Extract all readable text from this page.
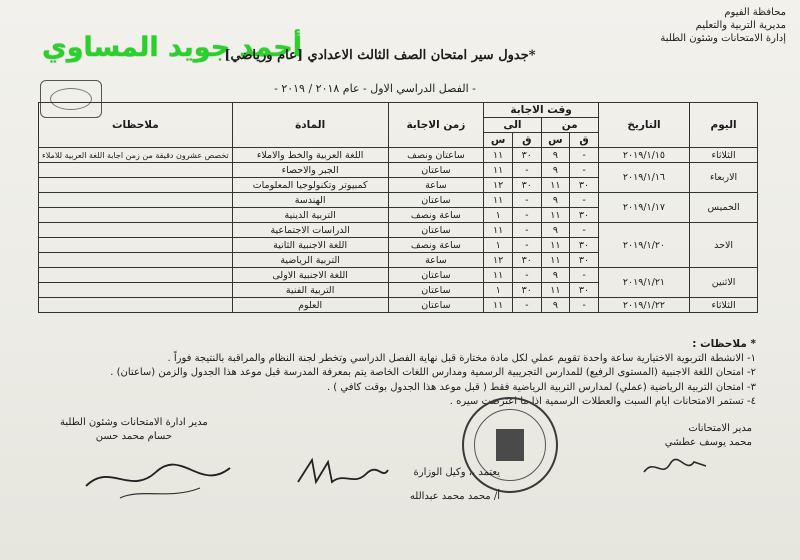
محافظة الفيوم
مديرية التربية والتعليم
إدارة الامتحانات وشئون الطلبة
أحمد جويد المساوي
*جدول سير امتحان الصف الثالث الاعدادي [عام ورياضي]
- الفصل الدراسي الاول - عام ٢٠١٨ / ٢٠١٩ -
اليوم	التاريخ	وقت الاجابة				زمن الاجابة	المادة	ملاحظات
		من		الى				
		ق	س	ق	س			
الثلاثاء	٢٠١٩/١/١٥	-	٩	٣٠	١١	ساعتان ونصف	اللغة العربية والخط والاملاء	تخصص عشرون دقيقة من زمن اجابة اللغة العربية للاملاء
الاربعاء	٢٠١٩/١/١٦	-	٩	-	١١	ساعتان	الجبر والاحصاء	
		٣٠	١١	٣٠	١٢	ساعة	كمبيوتر وتكنولوجيا المعلومات	
الخميس	٢٠١٩/١/١٧	-	٩	-	١١	ساعتان	الهندسة	
		٣٠	١١	-	١	ساعة ونصف	التربية الدينية	
الاحد	٢٠١٩/١/٢٠	-	٩	-	١١	ساعتان	الدراسات الاجتماعية	
		٣٠	١١	-	١	ساعة ونصف	اللغة الاجنبية الثانية	
		٣٠	١١	٣٠	١٢	ساعة	التربية الرياضية	
الاثنين	٢٠١٩/١/٢١	-	٩	-	١١	ساعتان	اللغة الاجنبية الاولى	
		٣٠	١١	٣٠	١	ساعتان	التربية الفنية	
الثلاثاء	٢٠١٩/١/٢٢	-	٩	-	١١	ساعتان	العلوم	
* ملاحظات :
١- الانشطة التربوية الاختيارية ساعة واحدة تقويم عملي لكل مادة مختارة قبل نهاية الفصل الدراسي وتخطر لجنة النظام والمراقبة بالنتيجة فوراً .
٢- امتحان اللغة الاجنبية (المستوى الرفيع) للمدارس التجريبية الرسمية ومدارس اللغات الخاصة يتم بمعرفة المدرسة قبل موعد هذا الجدول والزمن (ساعتان) .
٣- امتحان التربية الرياضية (عملي) لمدارس التربية الرياضية فقط ( قبل موعد هذا الجدول بوقت كافي ) .
٤- تستمر الامتحانات ايام السبت والعطلات الرسمية اذا ما اعترضت سيره .
مدير الامتحانات
محمد يوسف عطشي
يعتمد ،، وكيل الوزارة
أ/ محمد محمد عبدالله
مدير ادارة الامتحانات وشئون الطلبة
حسام محمد حسن
